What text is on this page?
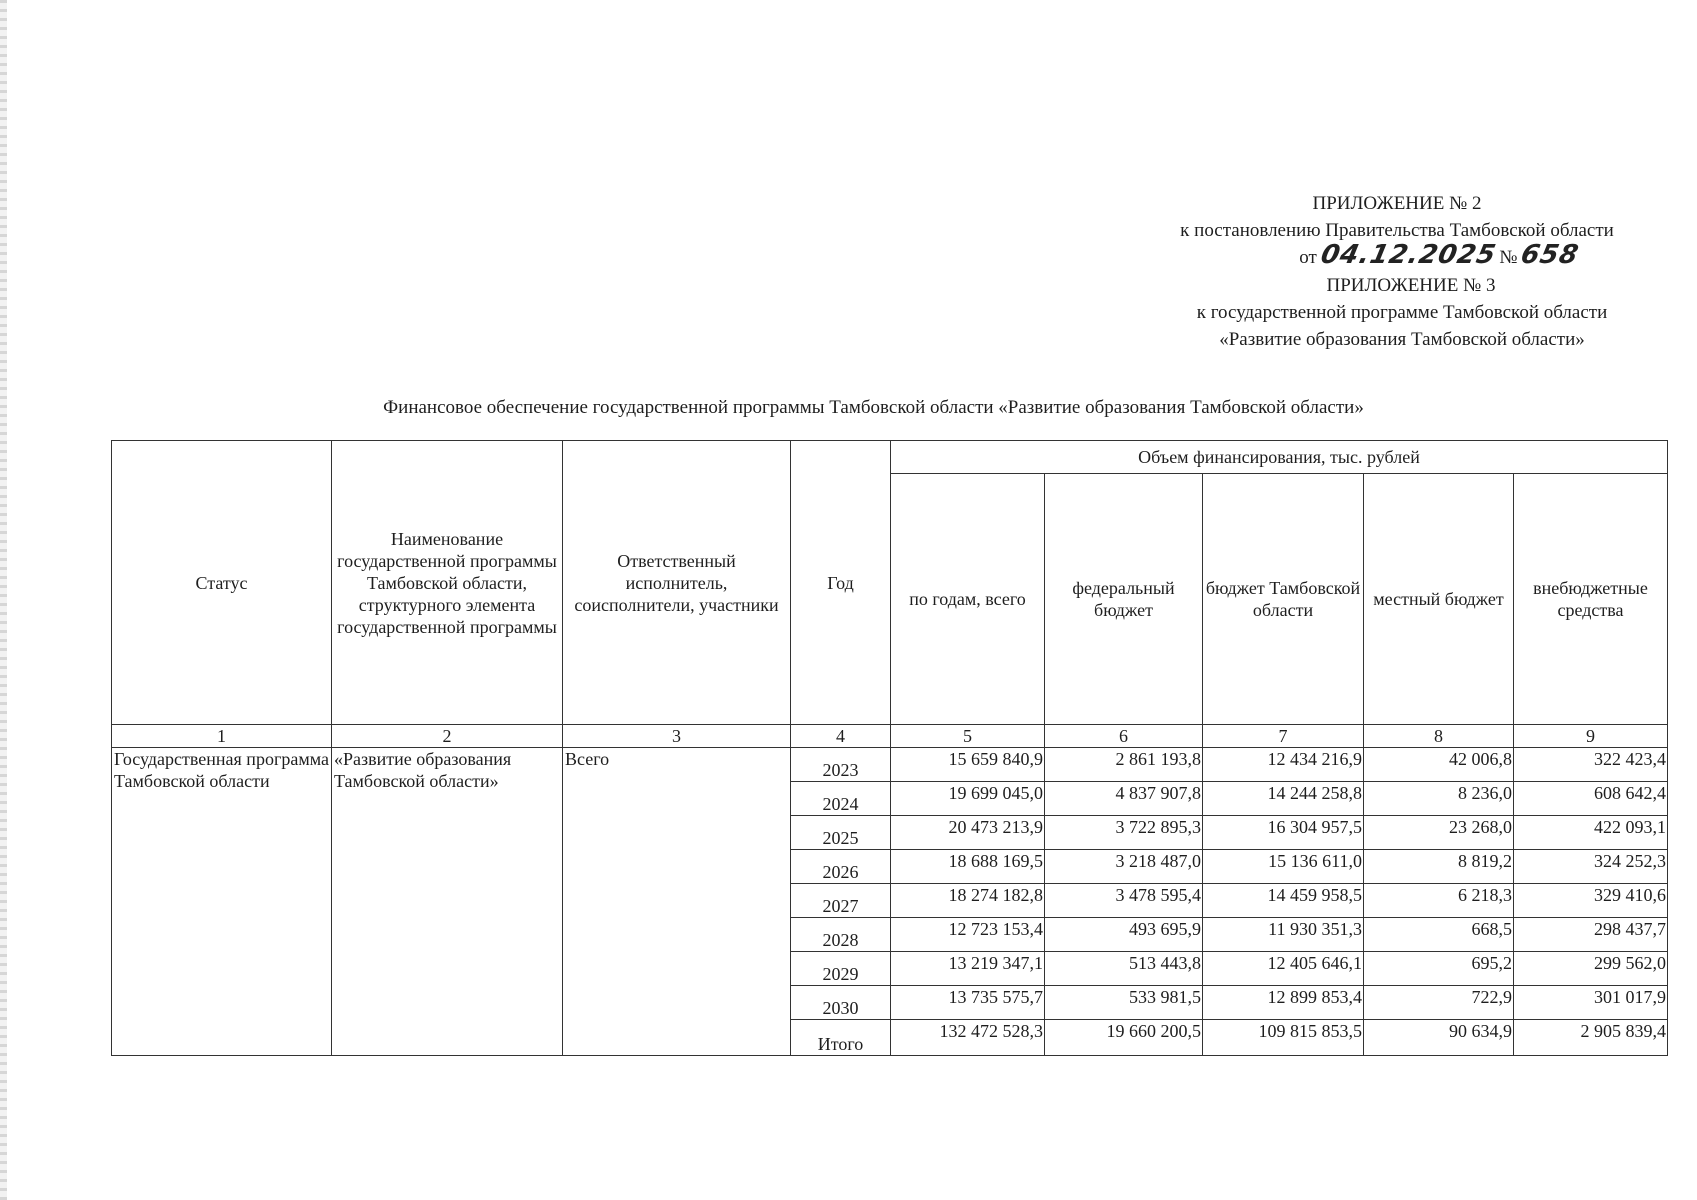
ПРИЛОЖЕНИЕ № 2
к постановлению Правительства Тамбовской области
от 04.12.2025 № 658
ПРИЛОЖЕНИЕ № 3
к государственной программе Тамбовской области
«Развитие образования Тамбовской области»
Финансовое обеспечение государственной программы Тамбовской области «Развитие образования Тамбовской области»
Статус	Наименование государственной программы Тамбовской области, структурного элемента государственной программы	Ответственный исполнитель, соисполнители, участники	Год	Объем финансирования, тыс. рублей				
				по годам, всего	федеральный бюджет	бюджет Тамбовской области	местный бюджет	внебюджетные средства
1	2	3	4	5	6	7	8	9
Государственная программа Тамбовской области	«Развитие образования Тамбовской области»	Всего	2023	15 659 840,9	2 861 193,8	12 434 216,9	42 006,8	322 423,4
			2024	19 699 045,0	4 837 907,8	14 244 258,8	8 236,0	608 642,4
			2025	20 473 213,9	3 722 895,3	16 304 957,5	23 268,0	422 093,1
			2026	18 688 169,5	3 218 487,0	15 136 611,0	8 819,2	324 252,3
			2027	18 274 182,8	3 478 595,4	14 459 958,5	6 218,3	329 410,6
			2028	12 723 153,4	493 695,9	11 930 351,3	668,5	298 437,7
			2029	13 219 347,1	513 443,8	12 405 646,1	695,2	299 562,0
			2030	13 735 575,7	533 981,5	12 899 853,4	722,9	301 017,9
			Итого	132 472 528,3	19 660 200,5	109 815 853,5	90 634,9	2 905 839,4
